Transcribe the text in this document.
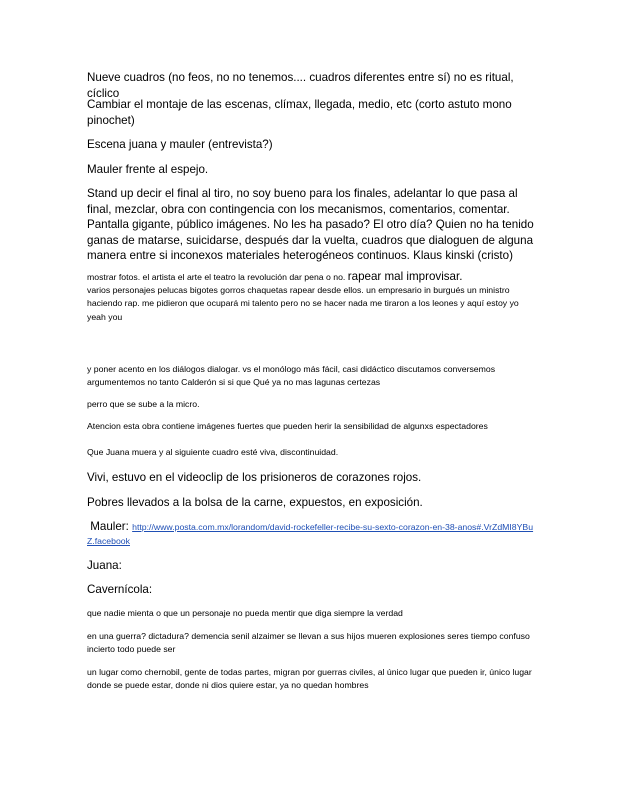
Nueve cuadros (no feos, no no tenemos.... cuadros diferentes entre sí) no es ritual, cíclico

Cambiar el montaje de las escenas, clímax, llegada, medio, etc (corto astuto mono pinochet)

Escena juana y mauler (entrevista?)

Mauler frente al espejo.

Stand up decir el final al tiro, no soy bueno para los finales, adelantar lo que pasa al final, mezclar, obra con contingencia con los mecanismos, comentarios, comentar. Pantalla gigante, público imágenes. No les ha pasado? El otro día? Quien no ha tenido ganas de matarse, suicidarse, después dar la vuelta, cuadros que dialoguen de alguna manera entre si inconexos materiales heterogéneos continuos. Klaus kinski (cristo)

mostrar fotos. el artista el arte el teatro la revolución dar pena o no. rapear mal improvisar.
varios personajes pelucas bigotes gorros chaquetas rapear desde ellos. un empresario in burgués un ministro haciendo rap. me pidieron que ocupará mi talento pero no se hacer nada me tiraron a los leones y aquí estoy yo yeah you

y poner acento en los diálogos dialogar. vs el monólogo más fácil, casi didáctico discutamos conversemos argumentemos no tanto Calderón si si que Qué ya no mas lagunas certezas

perro que se sube a la micro.

Atencion esta obra contiene imágenes fuertes que pueden herir la sensibilidad de algunxs espectadores

Que Juana muera y al siguiente cuadro esté viva, discontinuidad.

Vivi, estuvo en el videoclip de los prisioneros de corazones rojos.

Pobres llevados a la bolsa de la carne, expuestos, en exposición.

Mauler: http://www.posta.com.mx/lorandom/david-rockefeller-recibe-su-sexto-corazon-en-38-anos#.VrZdMI8YBuZ.facebook

Juana:

Cavernícola:

que nadie mienta o que un personaje no pueda mentir que diga siempre la verdad

en una guerra? dictadura? demencia senil alzaimer se llevan a sus hijos mueren explosiones seres tiempo confuso incierto todo puede ser

un lugar como chernobil, gente de todas partes, migran por guerras civiles, al único lugar que pueden ir, único lugar donde se puede estar, donde ni dios quiere estar, ya no quedan hombres
